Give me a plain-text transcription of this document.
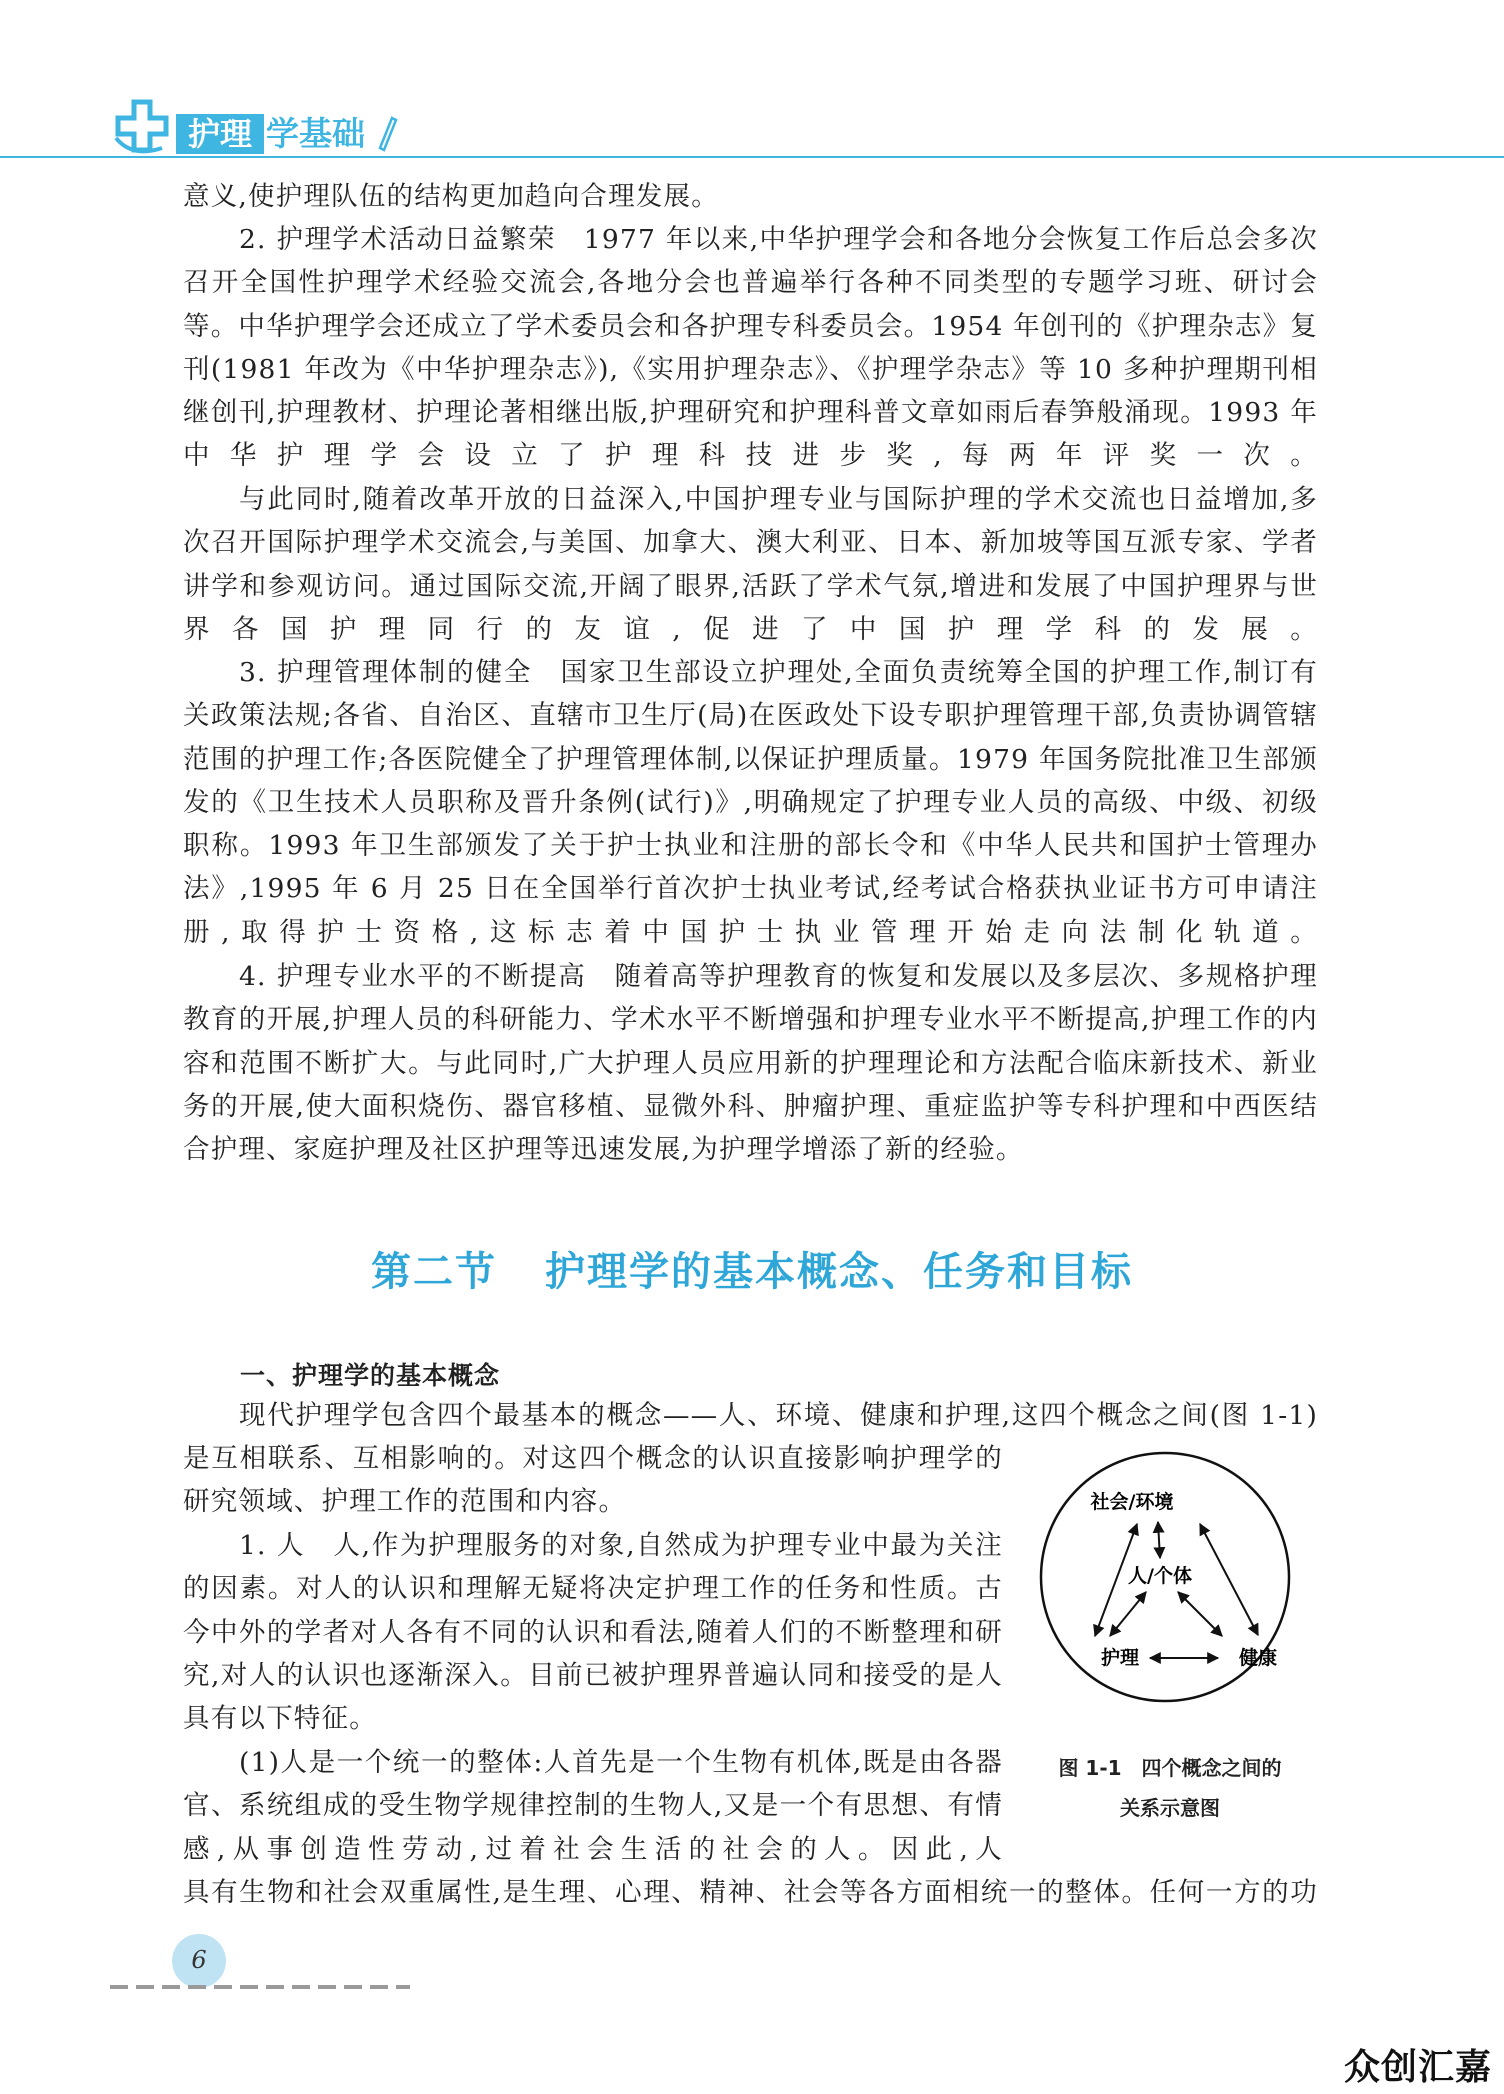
护理 学基础

意义,使护理队伍的结构更加趋向合理发展。

2. 护理学术活动日益繁荣　1977 年以来,中华护理学会和各地分会恢复工作后总会多次召开全国性护理学术经验交流会,各地分会也普遍举行各种不同类型的专题学习班、研讨会等。中华护理学会还成立了学术委员会和各护理专科委员会。1954 年创刊的《护理杂志》复刊(1981 年改为《中华护理杂志》),《实用护理杂志》、《护理学杂志》等 10 多种护理期刊相继创刊,护理教材、护理论著相继出版,护理研究和护理科普文章如雨后春笋般涌现。1993 年中华护理学会设立了护理科技进步奖,每两年评奖一次。

与此同时,随着改革开放的日益深入,中国护理专业与国际护理的学术交流也日益增加,多次召开国际护理学术交流会,与美国、加拿大、澳大利亚、日本、新加坡等国互派专家、学者讲学和参观访问。通过国际交流,开阔了眼界,活跃了学术气氛,增进和发展了中国护理界与世界各国护理同行的友谊,促进了中国护理学科的发展。

3. 护理管理体制的健全　国家卫生部设立护理处,全面负责统筹全国的护理工作,制订有关政策法规;各省、自治区、直辖市卫生厅(局)在医政处下设专职护理管理干部,负责协调管辖范围的护理工作;各医院健全了护理管理体制,以保证护理质量。1979 年国务院批准卫生部颁发的《卫生技术人员职称及晋升条例(试行)》,明确规定了护理专业人员的高级、中级、初级职称。1993 年卫生部颁发了关于护士执业和注册的部长令和《中华人民共和国护士管理办法》,1995 年 6 月 25 日在全国举行首次护士执业考试,经考试合格获执业证书方可申请注册,取得护士资格,这标志着中国护士执业管理开始走向法制化轨道。

4. 护理专业水平的不断提高　随着高等护理教育的恢复和发展以及多层次、多规格护理教育的开展,护理人员的科研能力、学术水平不断增强和护理专业水平不断提高,护理工作的内容和范围不断扩大。与此同时,广大护理人员应用新的护理理论和方法配合临床新技术、新业务的开展,使大面积烧伤、器官移植、显微外科、肿瘤护理、重症监护等专科护理和中西医结合护理、家庭护理及社区护理等迅速发展,为护理学增添了新的经验。

第二节 护理学的基本概念、任务和目标
一、护理学的基本概念

现代护理学包含四个最基本的概念——人、环境、健康和护理,这四个概念之间(图 1-1)

是互相联系、互相影响的。对这四个概念的认识直接影响护理学的研究领域、护理工作的范围和内容。

1. 人　人,作为护理服务的对象,自然成为护理专业中最为关注的因素。对人的认识和理解无疑将决定护理工作的任务和性质。古今中外的学者对人各有不同的认识和看法,随着人们的不断整理和研究,对人的认识也逐渐深入。目前已被护理界普遍认同和接受的是人具有以下特征。

(1)人是一个统一的整体:人首先是一个生物有机体,既是由各器官、系统组成的受生物学规律控制的生物人,又是一个有思想、有情感,从事创造性劳动,过着社会生活的社会的人。因此,人

具有生物和社会双重属性,是生理、心理、精神、社会等各方面相统一的整体。任何一方的功

社会/环境
人/个体
护理	健康
图 1-1　四个概念之间的
关系示意图
6
众创汇嘉
